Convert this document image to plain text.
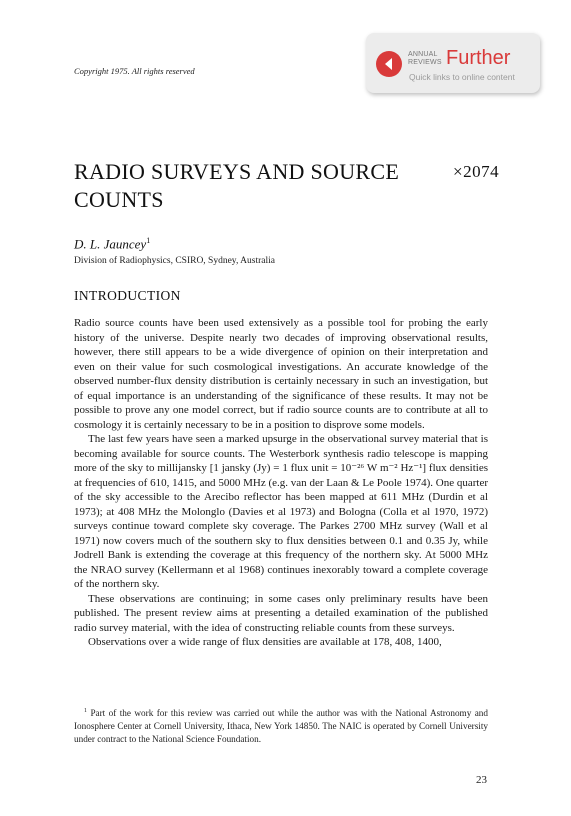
Copyright 1975. All rights reserved
ANNUAL
REVIEWS Further
Quick links to online content
RADIO SURVEYS AND SOURCE COUNTS
×2074
D. L. Jauncey$^1$
Division of Radiophysics, CSIRO, Sydney, Australia
INTRODUCTION

Radio source counts have been used extensively as a possible tool for probing the early history of the universe. Despite nearly two decades of improving observational results, however, there still appears to be a wide divergence of opinion on their interpretation and even on their value for such cosmological investigations. An accurate knowledge of the observed number-flux density distribution is certainly necessary in such an investigation, but of equal importance is an understanding of the significance of these results. It may not be possible to prove any one model correct, but if radio source counts are to contribute at all to cosmology it is certainly necessary to be in a position to disprove some models.

The last few years have seen a marked upsurge in the observational survey material that is becoming available for source counts. The Westerbork synthesis radio telescope is mapping more of the sky to millijansky [1 jansky (Jy) = 1 flux unit = 10⁻²⁶ W m⁻² Hz⁻¹] flux densities at frequencies of 610, 1415, and 5000 MHz (e.g. van der Laan & Le Poole 1974). One quarter of the sky accessible to the Arecibo reflector has been mapped at 611 MHz (Durdin et al 1973); at 408 MHz the Molonglo (Davies et al 1973) and Bologna (Colla et al 1970, 1972) surveys continue toward complete sky coverage. The Parkes 2700 MHz survey (Wall et al 1971) now covers much of the southern sky to flux densities between 0.1 and 0.35 Jy, while Jodrell Bank is extending the coverage at this frequency of the northern sky. At 5000 MHz the NRAO survey (Kellermann et al 1968) continues inexorably toward a complete coverage of the northern sky.

These observations are continuing; in some cases only preliminary results have been published. The present review aims at presenting a detailed examination of the published radio survey material, with the idea of constructing reliable counts from these surveys.

Observations over a wide range of flux densities are available at 178, 408, 1400,

$^1$ Part of the work for this review was carried out while the author was with the National Astronomy and Ionosphere Center at Cornell University, Ithaca, New York 14850. The NAIC is operated by Cornell University under contract to the National Science Foundation.
23
